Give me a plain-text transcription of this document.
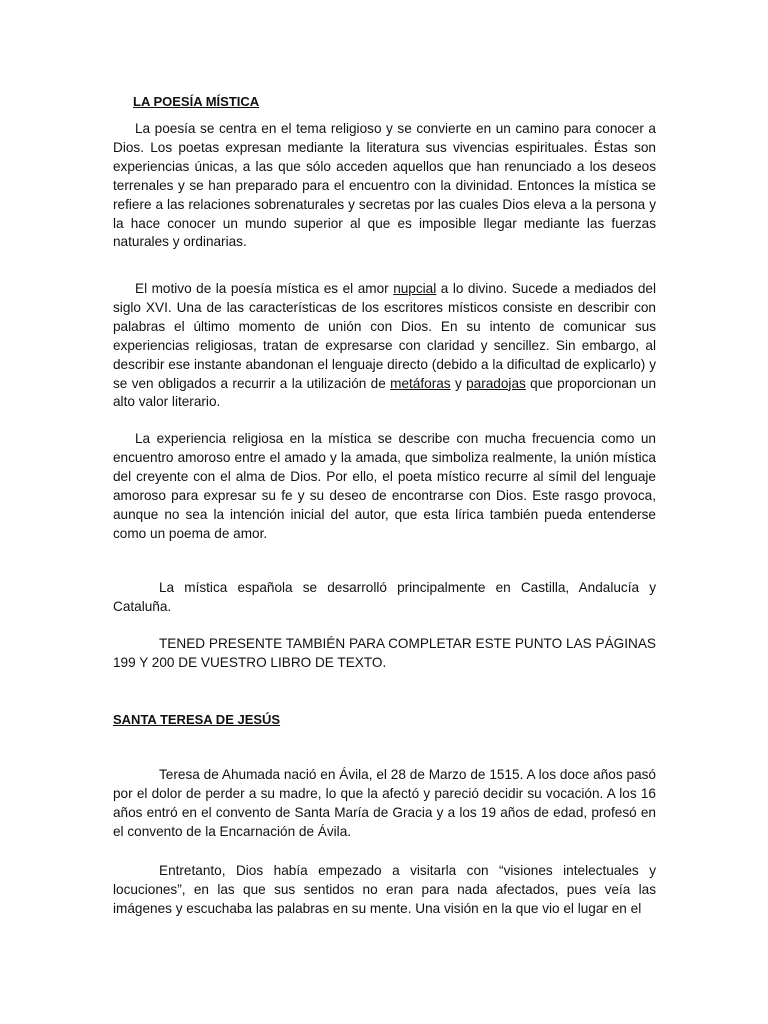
LA POESÍA MÍSTICA

La poesía se centra en el tema religioso y se convierte en un camino para conocer a Dios. Los poetas expresan mediante la literatura sus vivencias espirituales. Éstas son experiencias únicas, a las que sólo acceden aquellos que han renunciado a los deseos terrenales y se han preparado para el encuentro con la divinidad. Entonces la mística se refiere a las relaciones sobrenaturales y secretas por las cuales Dios eleva a la persona y la hace conocer un mundo superior al que es imposible llegar mediante las fuerzas naturales y ordinarias.

El motivo de la poesía mística es el amor nupcial a lo divino. Sucede a mediados del siglo XVI. Una de las características de los escritores místicos consiste en describir con palabras el último momento de unión con Dios. En su intento de comunicar sus experiencias religiosas, tratan de expresarse con claridad y sencillez. Sin embargo, al describir ese instante abandonan el lenguaje directo (debido a la dificultad de explicarlo) y se ven obligados a recurrir a la utilización de metáforas y paradojas que proporcionan un alto valor literario.

La experiencia religiosa en la mística se describe con mucha frecuencia como un encuentro amoroso entre el amado y la amada, que simboliza realmente, la unión mística del creyente con el alma de Dios. Por ello, el poeta místico recurre al símil del lenguaje amoroso para expresar su fe y su deseo de encontrarse con Dios. Este rasgo provoca, aunque no sea la intención inicial del autor, que esta lírica también pueda entenderse como un poema de amor.

La mística española se desarrolló principalmente en Castilla, Andalucía y Cataluña.

TENED PRESENTE TAMBIÉN PARA COMPLETAR ESTE PUNTO LAS PÁGINAS 199 Y 200 DE VUESTRO LIBRO DE TEXTO.

SANTA TERESA DE JESÚS

Teresa de Ahumada nació en Ávila, el 28 de Marzo de 1515. A los doce años pasó por el dolor de perder a su madre, lo que la afectó y pareció decidir su vocación. A los 16 años entró en el convento de Santa María de Gracia y a los 19 años de edad, profesó en el convento de la Encarnación de Ávila.

Entretanto, Dios había empezado a visitarla con “visiones intelectuales y locuciones”, en las que sus sentidos no eran para nada afectados, pues veía las imágenes y escuchaba las palabras en su mente. Una visión en la que vio el lugar en el
